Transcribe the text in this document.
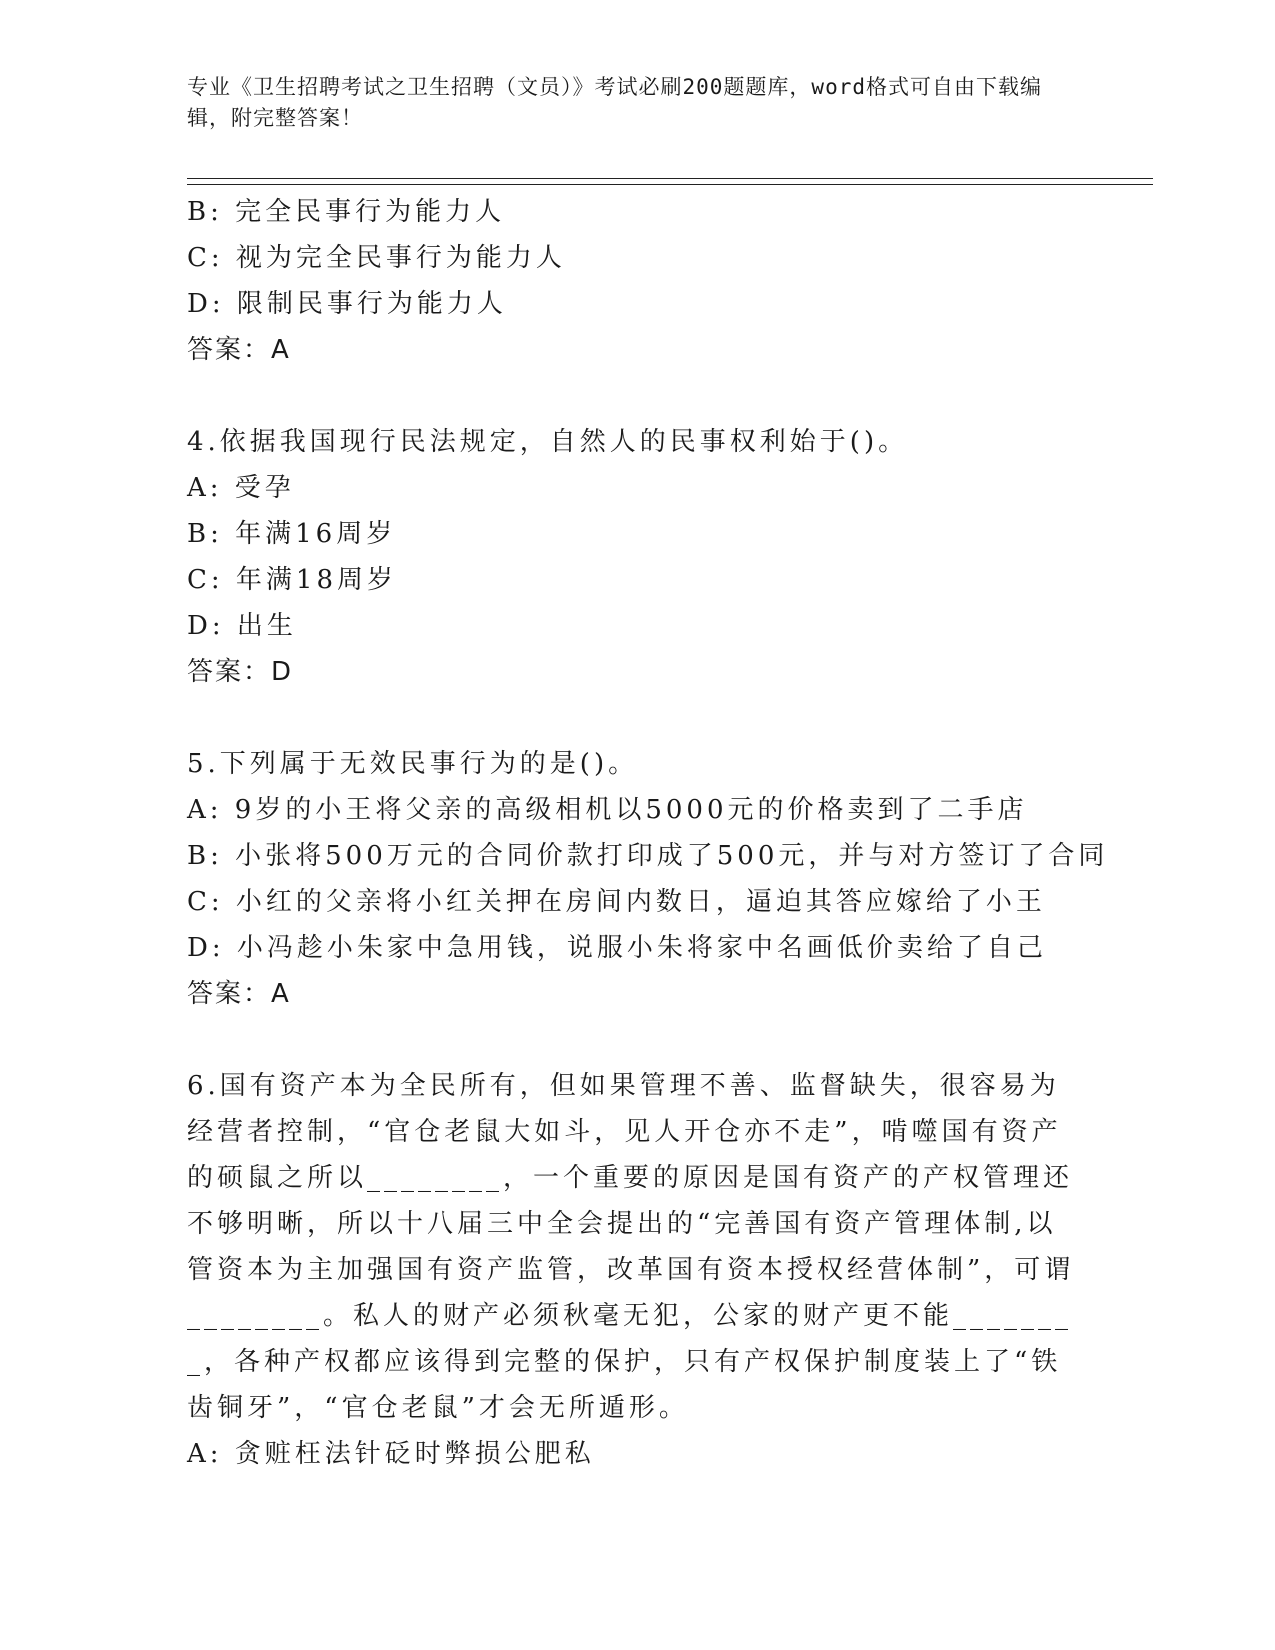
专业《卫生招聘考试之卫生招聘（文员）》考试必刷200题题库，word格式可自由下载编辑，附完整答案！
B: 完全民事行为能力人
C: 视为完全民事行为能力人
D: 限制民事行为能力人
答案：A
4.依据我国现行民法规定，自然人的民事权利始于()。
A: 受孕
B: 年满16周岁
C: 年满18周岁
D: 出生
答案：D
5.下列属于无效民事行为的是()。
A: 9岁的小王将父亲的高级相机以5000元的价格卖到了二手店
B: 小张将500万元的合同价款打印成了500元，并与对方签订了合同
C: 小红的父亲将小红关押在房间内数日，逼迫其答应嫁给了小王
D: 小冯趁小朱家中急用钱，说服小朱将家中名画低价卖给了自己
答案：A
6.国有资产本为全民所有，但如果管理不善、监督缺失，很容易为经营者控制，“官仓老鼠大如斗，见人开仓亦不走”，啃噬国有资产的硕鼠之所以________，一个重要的原因是国有资产的产权管理还不够明晰，所以十八届三中全会提出的“完善国有资产管理体制,以管资本为主加强国有资产监管，改革国有资本授权经营体制”，可谓________。私人的财产必须秋毫无犯，公家的财产更不能________，各种产权都应该得到完整的保护，只有产权保护制度装上了“铁齿铜牙”，“官仓老鼠”才会无所遁形。
A: 贪赃枉法针砭时弊损公肥私
